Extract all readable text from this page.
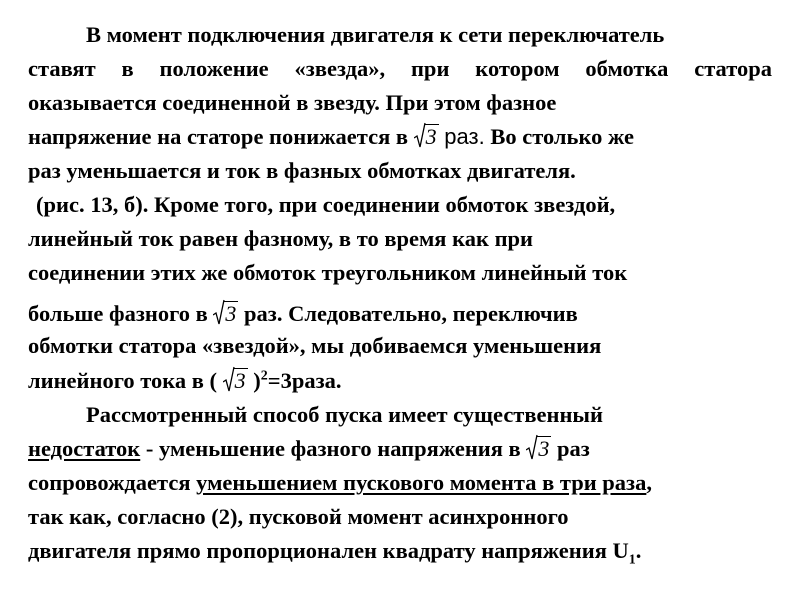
В момент подключения двигателя к сети переключатель
ставят в положение «звезда», при котором обмотка статора
оказывается соединенной в звезду. При этом фазное
напряжение на статоре понижается в 3 раз. Во столько же
раз уменьшается и ток в фазных обмотках двигателя.
(рис. 13, б). Кроме того, при соединении обмоток звездой,
линейный ток равен фазному, в то время как при
соединении этих же обмоток треугольником линейный ток
больше фазного в 3 раз. Следовательно, переключив
обмотки статора «звездой», мы добиваемся уменьшения
линейного тока в ( 3 )$^2$=3раза.
Рассмотренный способ пуска имеет существенный
недостаток - уменьшение фазного напряжения в 3 раз
сопровождается уменьшением пускового момента в три раза,
так как, согласно (2), пусковой момент асинхронного
двигателя прямо пропорционален квадрату напряжения $U_1$.
